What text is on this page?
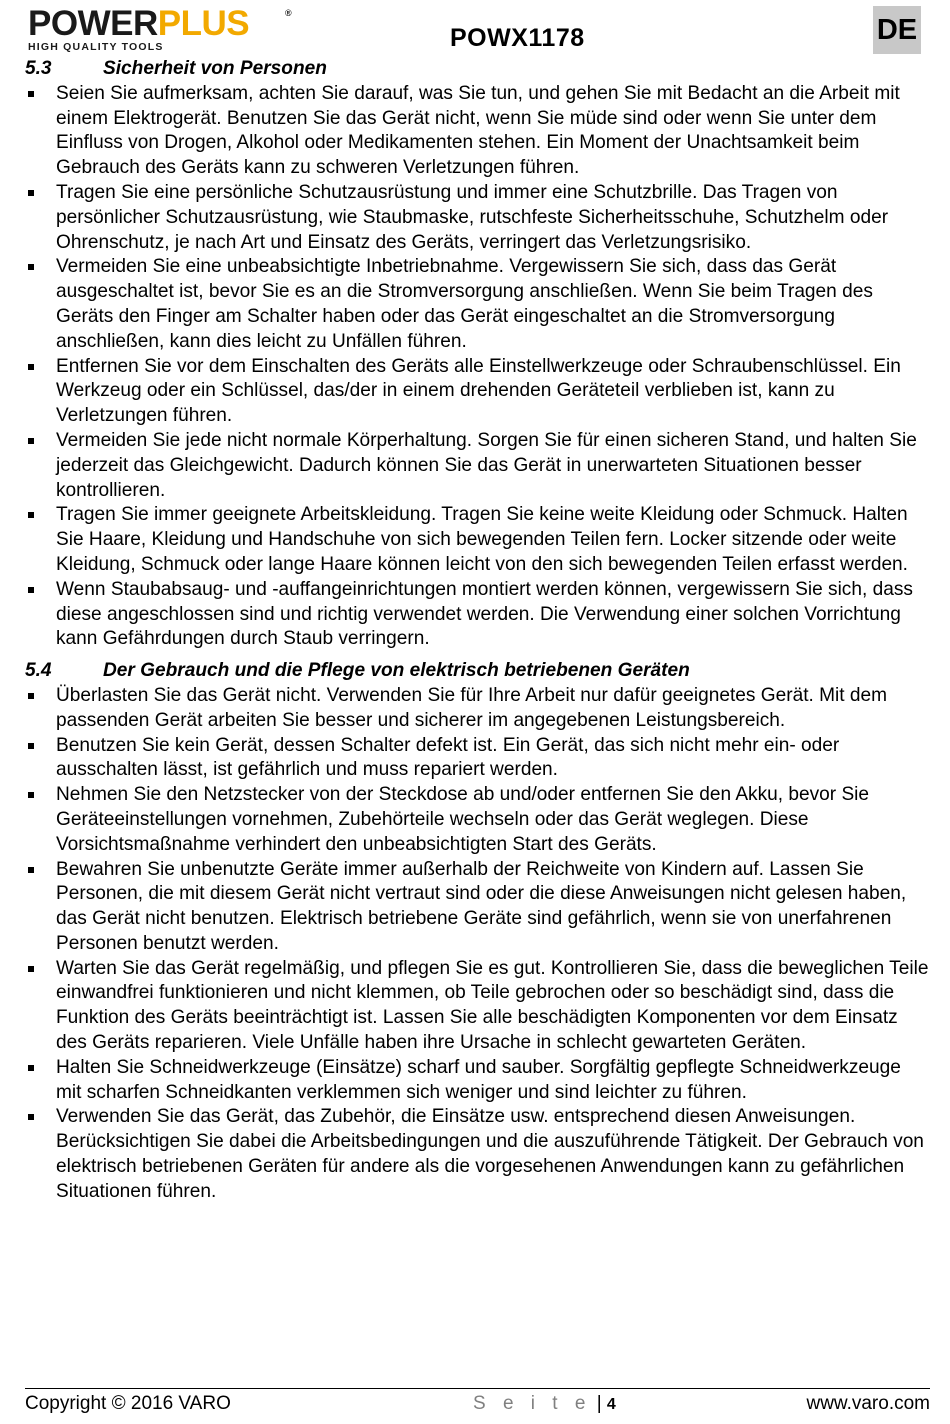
POWERPLUS	®
HIGH QUALITY TOOLS	POWX1178	DE
5.3	Sicherheit von Personen
Seien Sie aufmerksam, achten Sie darauf, was Sie tun, und gehen Sie mit Bedacht an die Arbeit mit einem Elektrogerät. Benutzen Sie das Gerät nicht, wenn Sie müde sind oder wenn Sie unter dem Einfluss von Drogen, Alkohol oder Medikamenten stehen. Ein Moment der Unachtsamkeit beim Gebrauch des Geräts kann zu schweren Verletzungen führen.
Tragen Sie eine persönliche Schutzausrüstung und immer eine Schutzbrille. Das Tragen von persönlicher Schutzausrüstung, wie Staubmaske, rutschfeste Sicherheitsschuhe, Schutzhelm oder Ohrenschutz, je nach Art und Einsatz des Geräts, verringert das Verletzungsrisiko.
Vermeiden Sie eine unbeabsichtigte Inbetriebnahme. Vergewissern Sie sich, dass das Gerät ausgeschaltet ist, bevor Sie es an die Stromversorgung anschließen. Wenn Sie beim Tragen des Geräts den Finger am Schalter haben oder das Gerät eingeschaltet an die Stromversorgung anschließen, kann dies leicht zu Unfällen führen.
Entfernen Sie vor dem Einschalten des Geräts alle Einstellwerkzeuge oder Schraubenschlüssel. Ein Werkzeug oder ein Schlüssel, das/der in einem drehenden Geräteteil verblieben ist, kann zu Verletzungen führen.
Vermeiden Sie jede nicht normale Körperhaltung. Sorgen Sie für einen sicheren Stand, und halten Sie jederzeit das Gleichgewicht. Dadurch können Sie das Gerät in unerwarteten Situationen besser kontrollieren.
Tragen Sie immer geeignete Arbeitskleidung. Tragen Sie keine weite Kleidung oder Schmuck. Halten Sie Haare, Kleidung und Handschuhe von sich bewegenden Teilen fern. Locker sitzende oder weite Kleidung, Schmuck oder lange Haare können leicht von den sich bewegenden Teilen erfasst werden.
Wenn Staubabsaug- und -auffangeinrichtungen montiert werden können, vergewissern Sie sich, dass diese angeschlossen sind und richtig verwendet werden. Die Verwendung einer solchen Vorrichtung kann Gefährdungen durch Staub verringern.
5.4	Der Gebrauch und die Pflege von elektrisch betriebenen Geräten
Überlasten Sie das Gerät nicht. Verwenden Sie für Ihre Arbeit nur dafür geeignetes Gerät. Mit dem passenden Gerät arbeiten Sie besser und sicherer im angegebenen Leistungsbereich.
Benutzen Sie kein Gerät, dessen Schalter defekt ist. Ein Gerät, das sich nicht mehr ein- oder ausschalten lässt, ist gefährlich und muss repariert werden.
Nehmen Sie den Netzstecker von der Steckdose ab und/oder entfernen Sie den Akku, bevor Sie Geräteeinstellungen vornehmen, Zubehörteile wechseln oder das Gerät weglegen. Diese Vorsichtsmaßnahme verhindert den unbeabsichtigten Start des Geräts.
Bewahren Sie unbenutzte Geräte immer außerhalb der Reichweite von Kindern auf. Lassen Sie Personen, die mit diesem Gerät nicht vertraut sind oder die diese Anweisungen nicht gelesen haben, das Gerät nicht benutzen. Elektrisch betriebene Geräte sind gefährlich, wenn sie von unerfahrenen Personen benutzt werden.
Warten Sie das Gerät regelmäßig, und pflegen Sie es gut. Kontrollieren Sie, dass die beweglichen Teile einwandfrei funktionieren und nicht klemmen, ob Teile gebrochen oder so beschädigt sind, dass die Funktion des Geräts beeinträchtigt ist. Lassen Sie alle beschädigten Komponenten vor dem Einsatz des Geräts reparieren. Viele Unfälle haben ihre Ursache in schlecht gewarteten Geräten.
Halten Sie Schneidwerkzeuge (Einsätze) scharf und sauber. Sorgfältig gepflegte Schneidwerkzeuge mit scharfen Schneidkanten verklemmen sich weniger und sind leichter zu führen.
Verwenden Sie das Gerät, das Zubehör, die Einsätze usw. entsprechend diesen Anweisungen. Berücksichtigen Sie dabei die Arbeitsbedingungen und die auszuführende Tätigkeit. Der Gebrauch von elektrisch betriebenen Geräten für andere als die vorgesehenen Anwendungen kann zu gefährlichen Situationen führen.
Copyright © 2016 VARO	S e i t e | 4	www.varo.com
